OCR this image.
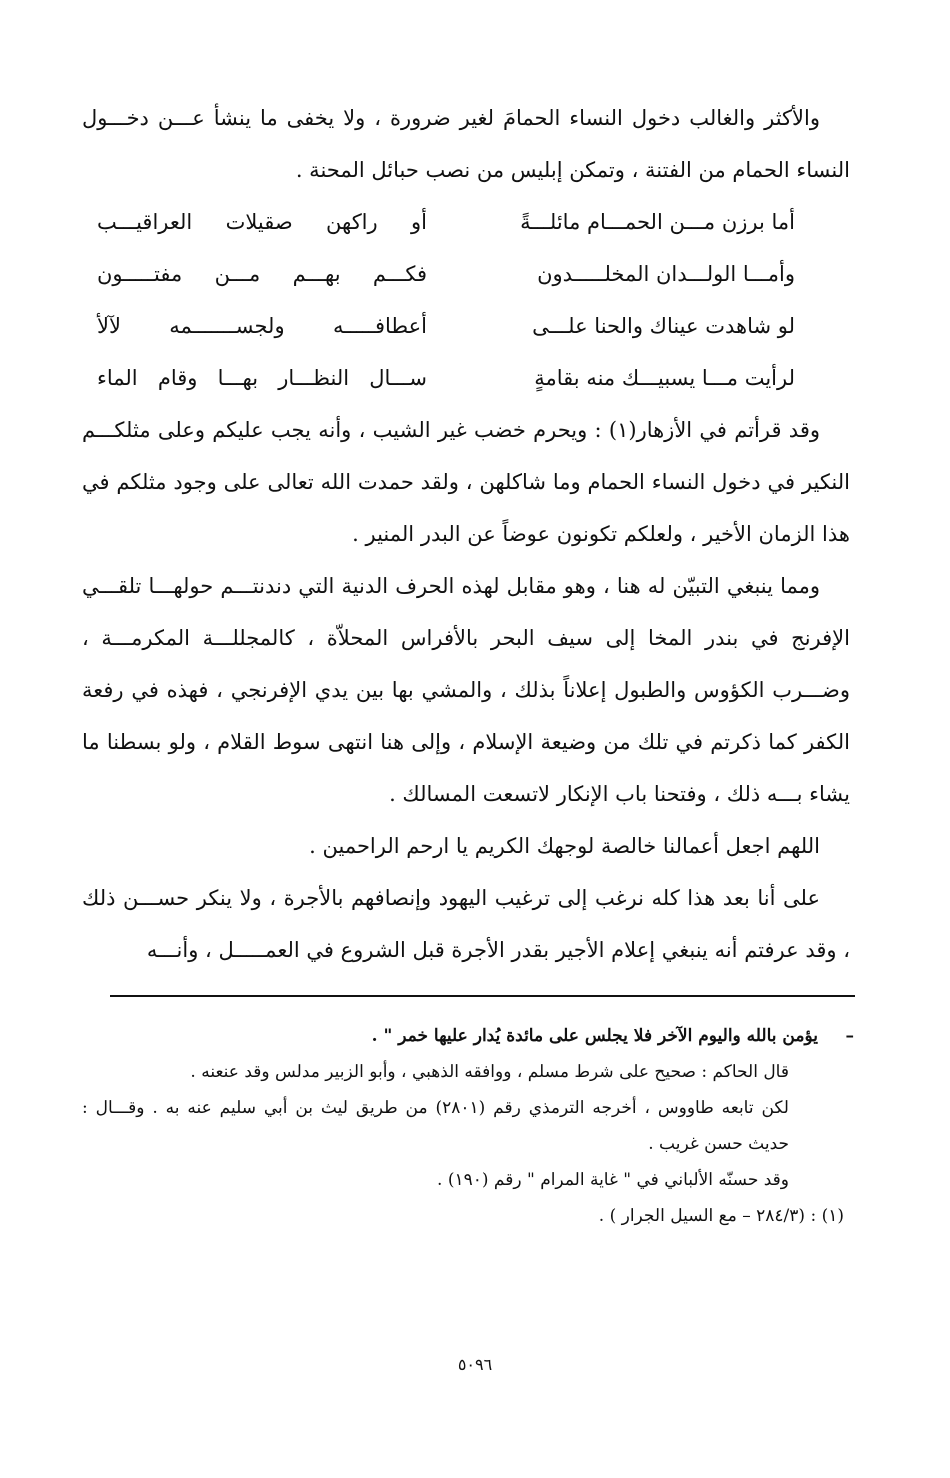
والأكثر والغالب دخول النساء الحمامَ لغير ضرورة ، ولا يخفى ما ينشأ عـــن دخـــول النساء الحمام من الفتنة ، وتمكن إبليس من نصب حبائل المحنة .

أما برزن مـــن الحمـــام مائلـــةً
أو راكهن صقيلات العراقيـــب
وأمـــا الولـــدان المخلـــــدون
فكـــم بهـــم مـــن مفتـــــون
لو شاهدت عيناك والحنا علـــى
أعطافـــــه ولجســـــــمه لآلأ
لرأيت مـــا يسبيـــك منه بقامةٍ
ســـال النظـــار بهـــا وقام الماء

وقد قرأتم في الأزهار(١) : ويحرم خضب غير الشيب ، وأنه يجب عليكم وعلى مثلكـــم النكير في دخول النساء الحمام وما شاكلهن ، ولقد حمدت الله تعالى على وجود مثلكم في هذا الزمان الأخير ، ولعلكم تكونون عوضاً عن البدر المنير .

ومما ينبغي التبيّن له هنا ، وهو مقابل لهذه الحرف الدنية التي دندنتـــم حولهـــا تلقـــي الإفرنج في بندر المخا إلى سيف البحر بالأفراس المحلاّة ، كالمجللـــة المكرمـــة ، وضـــرب الكؤوس والطبول إعلاناً بذلك ، والمشي بها بين يدي الإفرنجي ، فهذه في رفعة الكفر كما ذكرتم في تلك من وضيعة الإسلام ، وإلى هنا انتهى سوط القلام ، ولو بسطنا ما يشاء بـــه ذلك ، وفتحنا باب الإنكار لاتسعت المسالك .

اللهم اجعل أعمالنا خالصة لوجهك الكريم يا ارحم الراحمين .

على أنا بعد هذا كله نرغب إلى ترغيب اليهود وإنصافهم بالأجرة ، ولا ينكر حســـن ذلك ، وقد عرفتم أنه ينبغي إعلام الأجير بقدر الأجرة قبل الشروع في العمـــــل ، وأنـــه

–
يؤمن بالله واليوم الآخر فلا يجلس على مائدة يُدار عليها خمر " .

قال الحاكم : صحيح على شرط مسلم ، ووافقه الذهبي ، وأبو الزبير مدلس وقد عنعنه .

لكن تابعه طاووس ، أخرجه الترمذي رقم (٢٨٠١) من طريق ليث بن أبي سليم عنه به . وقـــال :

حديث حسن غريب .

وقد حسنّه الألباني في " غاية المرام " رقم (١٩٠) .

(١) : (٢٨٤/٣ – مع السيل الجرار ) .

٥٠٩٦
